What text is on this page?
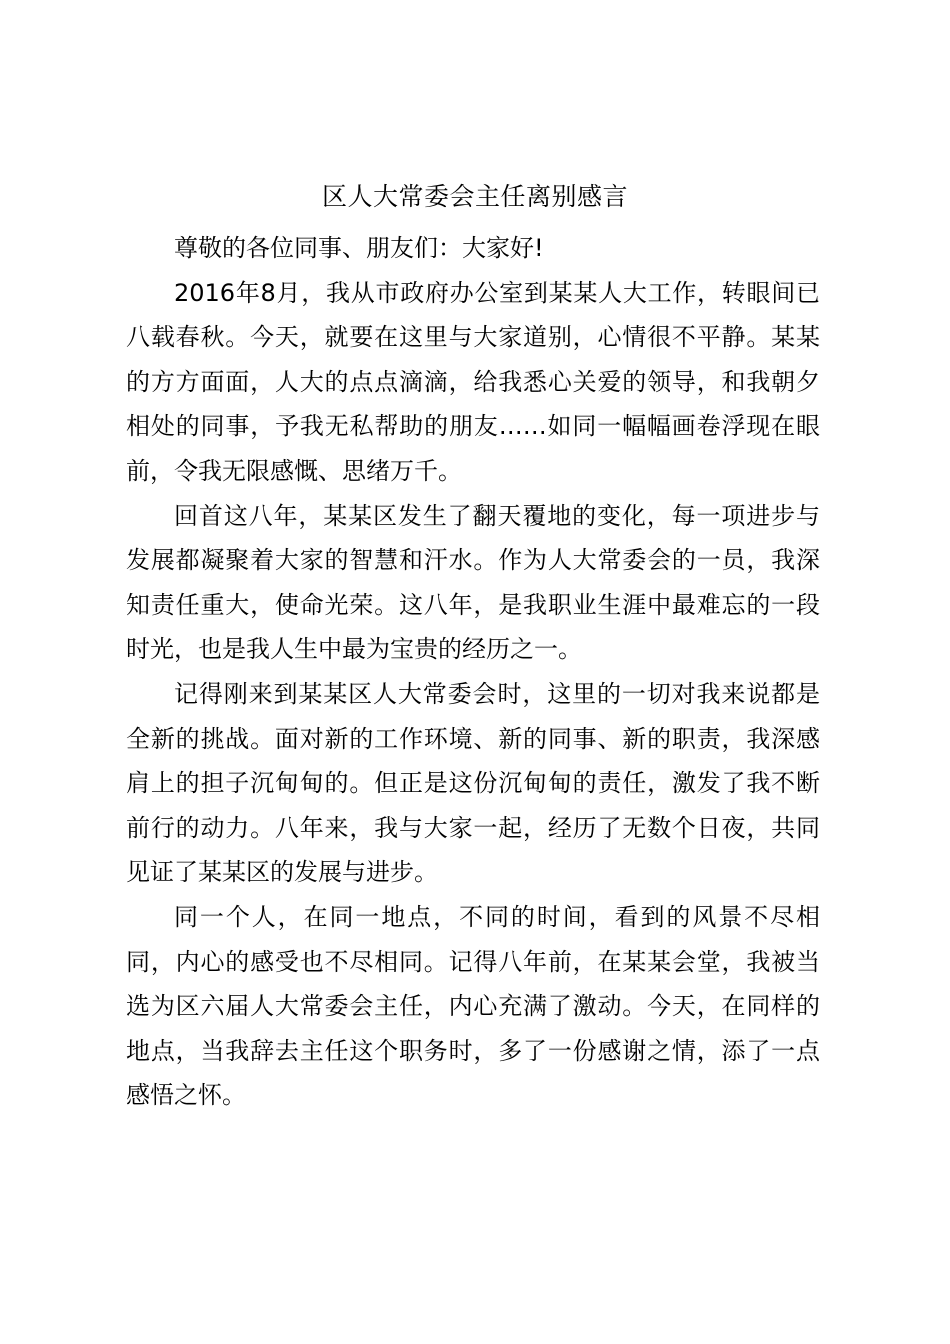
区人大常委会主任离别感言

尊敬的各位同事、朋友们：大家好!

2016年8月，我从市政府办公室到某某人大工作，转眼间已八载春秋。今天，就要在这里与大家道别，心情很不平静。某某的方方面面，人大的点点滴滴，给我悉心关爱的领导，和我朝夕相处的同事，予我无私帮助的朋友……如同一幅幅画卷浮现在眼前，令我无限感慨、思绪万千。

回首这八年，某某区发生了翻天覆地的变化，每一项进步与发展都凝聚着大家的智慧和汗水。作为人大常委会的一员，我深知责任重大，使命光荣。这八年，是我职业生涯中最难忘的一段时光，也是我人生中最为宝贵的经历之一。

记得刚来到某某区人大常委会时，这里的一切对我来说都是全新的挑战。面对新的工作环境、新的同事、新的职责，我深感肩上的担子沉甸甸的。但正是这份沉甸甸的责任，激发了我不断前行的动力。八年来，我与大家一起，经历了无数个日夜，共同见证了某某区的发展与进步。

同一个人，在同一地点，不同的时间，看到的风景不尽相同，内心的感受也不尽相同。记得八年前，在某某会堂，我被当选为区六届人大常委会主任，内心充满了激动。今天，在同样的地点，当我辞去主任这个职务时，多了一份感谢之情，添了一点感悟之怀。
